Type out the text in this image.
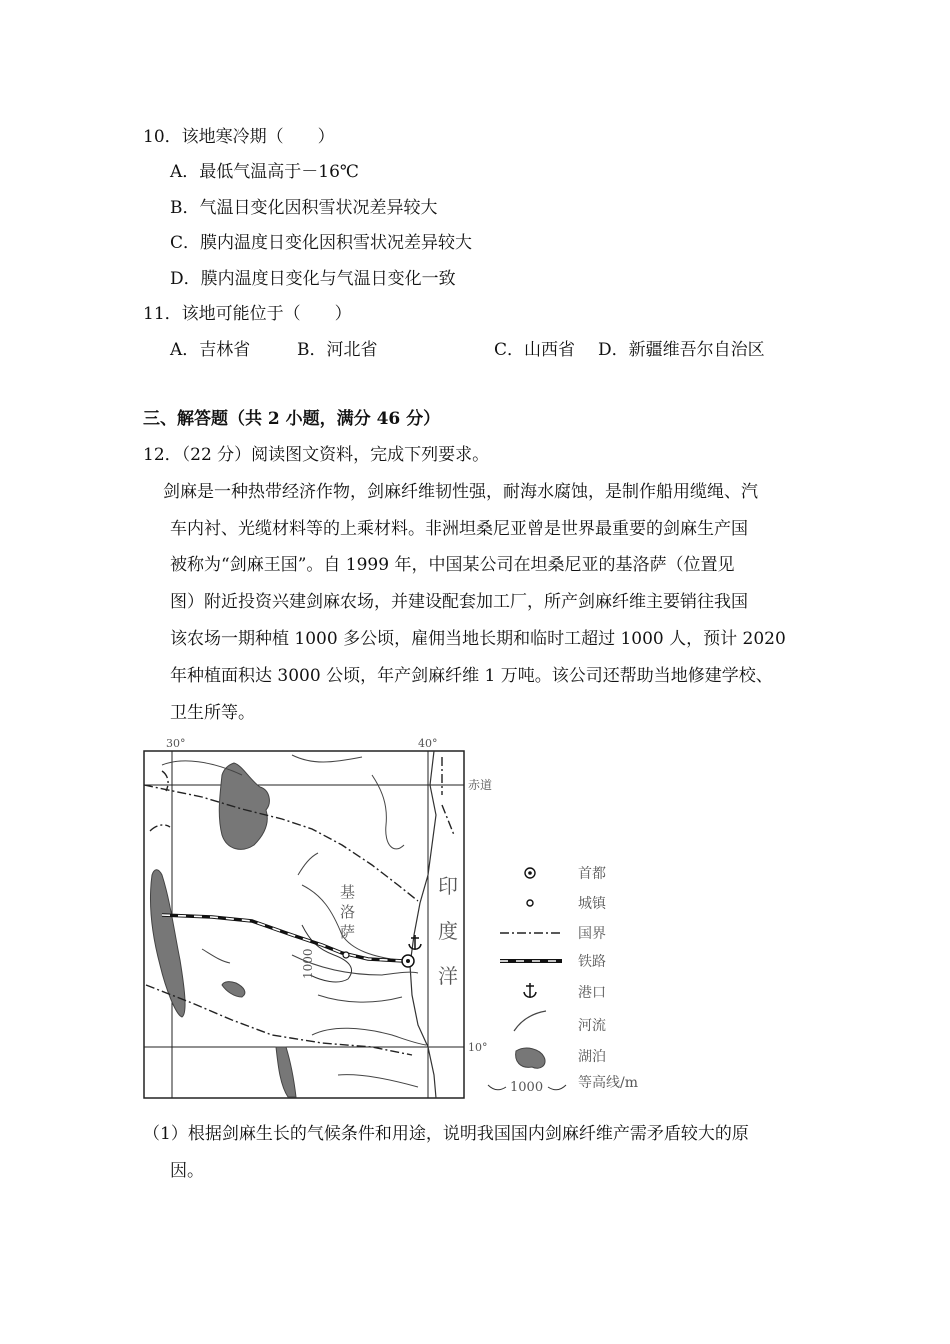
10．该地寒冷期（　　）
A．最低气温高于－16℃
B．气温日变化因积雪状况差异较大
C．膜内温度日变化因积雪状况差异较大
D．膜内温度日变化与气温日变化一致
11．该地可能位于（　　）
A．吉林省	B．河北省	C．山西省 D．新疆维吾尔自治区
三、解答题（共 2 小题，满分 46 分）
12．（22 分）阅读图文资料，完成下列要求。
剑麻是一种热带经济作物，剑麻纤维韧性强，耐海水腐蚀，是制作船用缆绳、汽
车内衬、光缆材料等的上乘材料。非洲坦桑尼亚曾是世界最重要的剑麻生产国
被称为“剑麻王国”。自 1999 年，中国某公司在坦桑尼亚的基洛萨（位置见
图）附近投资兴建剑麻农场，并建设配套加工厂，所产剑麻纤维主要销往我国
该农场一期种植 1000 多公顷，雇佣当地长期和临时工超过 1000 人，预计 2020
年种植面积达 3000 公顷，年产剑麻纤维 1 万吨。该公司还帮助当地修建学校、
卫生所等。
30°	40°
赤道
10°
1000
基
洛
萨
印
度
洋
首都
城镇
国界
铁路
港口
河流
湖泊
1000 等高线/m
（1）根据剑麻生长的气候条件和用途，说明我国国内剑麻纤维产需矛盾较大的原
因。
